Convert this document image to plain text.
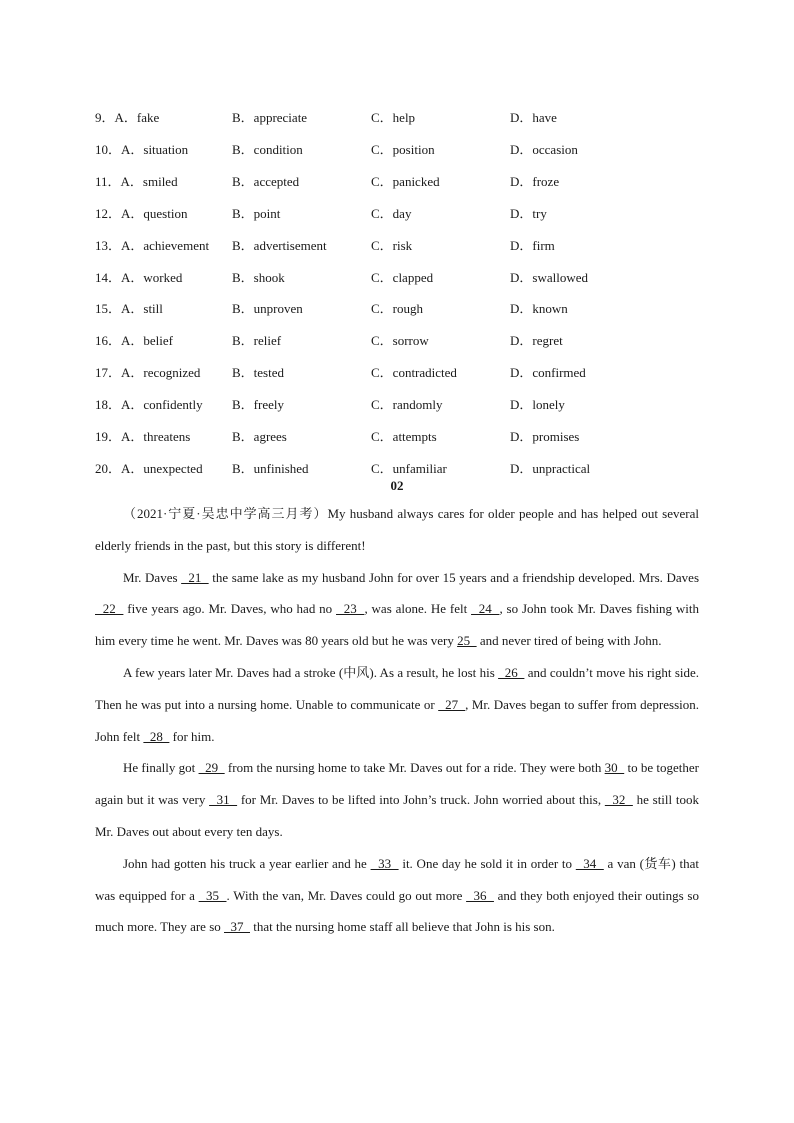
9．A．fake	B．appreciate	C．help	D．have
10．A．situation	B．condition	C．position	D．occasion
11．A．smiled	B．accepted	C．panicked	D．froze
12．A．question	B．point	C．day	D．try
13．A．achievement	B．advertisement	C．risk	D．firm
14．A．worked	B．shook	C．clapped	D．swallowed
15．A．still	B．unproven	C．rough	D．known
16．A．belief	B．relief	C．sorrow	D．regret
17．A．recognized	B．tested	C．contradicted	D．confirmed
18．A．confidently	B．freely	C．randomly	D．lonely
19．A．threatens	B．agrees	C．attempts	D．promises
20．A．unexpected	B．unfinished	C．unfamiliar	D．unpractical
02

（2021·宁夏·吴忠中学高三月考）My husband always cares for older people and has helped out several elderly friends in the past, but this story is different!

Mr. Daves   21   the same lake as my husband John for over 15 years and a friendship developed. Mrs. Daves   22   five years ago. Mr. Daves, who had no   23  , was alone. He felt   24  , so John took Mr. Daves fishing with him every time he went. Mr. Daves was 80 years old but he was very 25   and never tired of being with John.

A few years later Mr. Daves had a stroke (中风). As a result, he lost his   26   and couldn’t move his right side. Then he was put into a nursing home. Unable to communicate or   27  , Mr. Daves began to suffer from depression. John felt   28   for him.

He finally got   29   from the nursing home to take Mr. Daves out for a ride. They were both 30   to be together again but it was very   31   for Mr. Daves to be lifted into John’s truck. John worried about this,   32   he still took Mr. Daves out about every ten days.

John had gotten his truck a year earlier and he   33   it. One day he sold it in order to   34   a van (货车) that was equipped for a   35  . With the van, Mr. Daves could go out more   36   and they both enjoyed their outings so much more. They are so   37   that the nursing home staff all believe that John is his son.
